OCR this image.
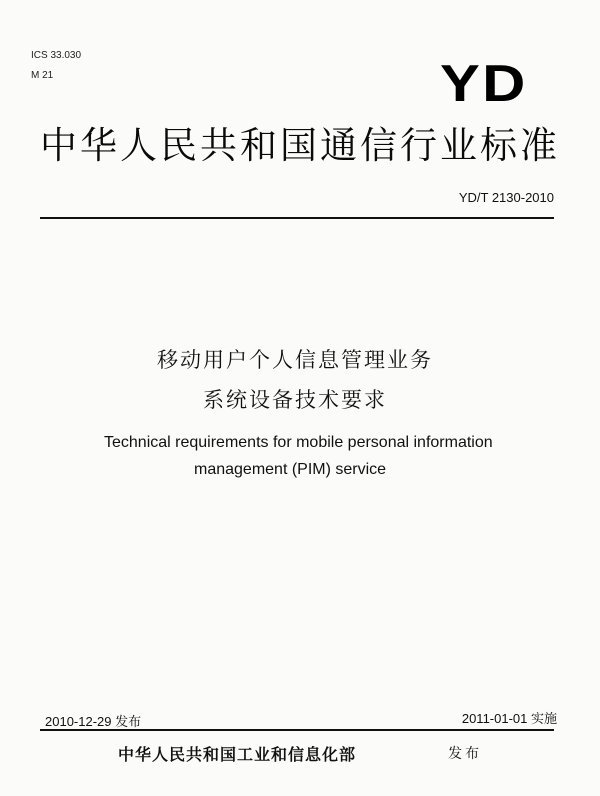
ICS 33.030
M 21	YD
中华人民共和国通信行业标准
YD/T 2130-2010
移动用户个人信息管理业务
系统设备技术要求
Technical requirements for mobile personal information
management (PIM) service
2010-12-29 发布	2011-01-01 实施
中华人民共和国工业和信息化部	发布
